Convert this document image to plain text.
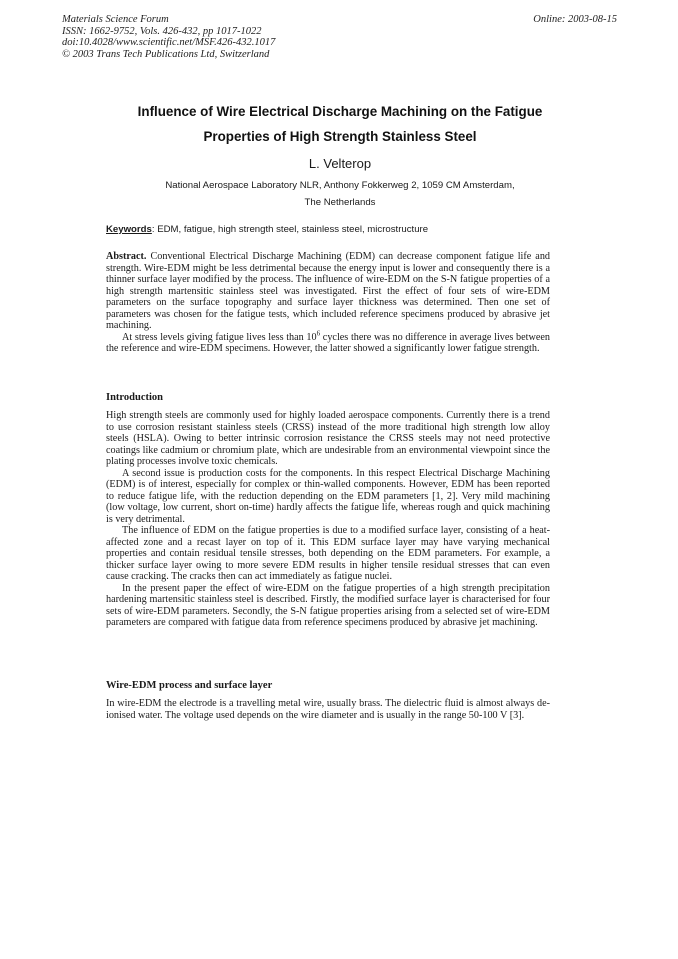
Materials Science Forum
ISSN: 1662-9752, Vols. 426-432, pp 1017-1022
doi:10.4028/www.scientific.net/MSF.426-432.1017
© 2003 Trans Tech Publications Ltd, Switzerland
Online: 2003-08-15
Influence of Wire Electrical Discharge Machining on the Fatigue
Properties of High Strength Stainless Steel
L. Velterop
National Aerospace Laboratory NLR, Anthony Fokkerweg 2, 1059 CM Amsterdam,
The Netherlands
Keywords: EDM, fatigue, high strength steel, stainless steel, microstructure

Abstract. Conventional Electrical Discharge Machining (EDM) can decrease component fatigue life and strength. Wire-EDM might be less detrimental because the energy input is lower and consequently there is a thinner surface layer modified by the process. The influence of wire-EDM on the S-N fatigue properties of a high strength martensitic stainless steel was investigated. First the effect of four sets of wire-EDM parameters on the surface topography and surface layer thickness was determined. Then one set of parameters was chosen for the fatigue tests, which included reference specimens produced by abrasive jet machining.

At stress levels giving fatigue lives less than $10^6$ cycles there was no difference in average lives between the reference and wire-EDM specimens. However, the latter showed a significantly lower fatigue strength.

Introduction

High strength steels are commonly used for highly loaded aerospace components. Currently there is a trend to use corrosion resistant stainless steels (CRSS) instead of the more traditional high strength low alloy steels (HSLA). Owing to better intrinsic corrosion resistance the CRSS steels may not need protective coatings like cadmium or chromium plate, which are undesirable from an environmental viewpoint since the plating processes involve toxic chemicals.

A second issue is production costs for the components. In this respect Electrical Discharge Machining (EDM) is of interest, especially for complex or thin-walled components. However, EDM has been reported to reduce fatigue life, with the reduction depending on the EDM parameters [1, 2]. Very mild machining (low voltage, low current, short on-time) hardly affects the fatigue life, whereas rough and quick machining is very detrimental.

The influence of EDM on the fatigue properties is due to a modified surface layer, consisting of a heat-affected zone and a recast layer on top of it. This EDM surface layer may have varying mechanical properties and contain residual tensile stresses, both depending on the EDM parameters. For example, a thicker surface layer owing to more severe EDM results in higher tensile residual stresses that can even cause cracking. The cracks then can act immediately as fatigue nuclei.

In the present paper the effect of wire-EDM on the fatigue properties of a high strength precipitation hardening martensitic stainless steel is described. Firstly, the modified surface layer is characterised for four sets of wire-EDM parameters. Secondly, the S-N fatigue properties arising from a selected set of wire-EDM parameters are compared with fatigue data from reference specimens produced by abrasive jet machining.

Wire-EDM process and surface layer

In wire-EDM the electrode is a travelling metal wire, usually brass. The dielectric fluid is almost always de-ionised water. The voltage used depends on the wire diameter and is usually in the range 50-100 V [3].
